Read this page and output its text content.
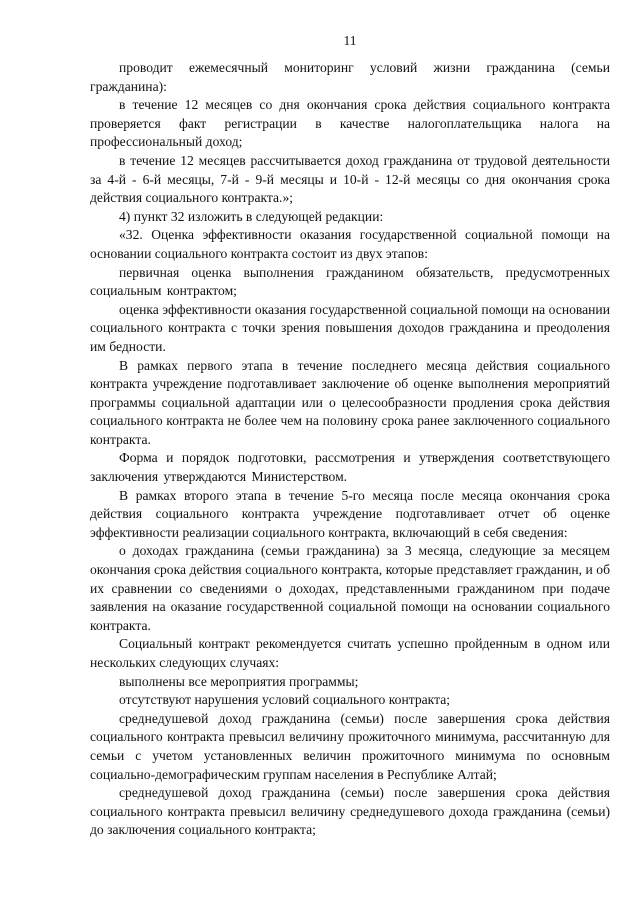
11

проводит ежемесячный мониторинг условий жизни гражданина (семьи гражданина):

в течение 12 месяцев со дня окончания срока действия социального контракта проверяется факт регистрации в качестве налогоплательщика налога на профессиональный доход;

в течение 12 месяцев рассчитывается доход гражданина от трудовой деятельности за 4-й - 6-й месяцы, 7-й - 9-й месяцы и 10-й - 12-й месяцы со дня окончания срока действия социального контракта.»;

4) пункт 32 изложить в следующей редакции:

«32. Оценка эффективности оказания государственной социальной помощи на основании социального контракта состоит из двух этапов:

первичная оценка выполнения гражданином обязательств, предусмотренных социальным контрактом;

оценка эффективности оказания государственной социальной помощи на основании социального контракта с точки зрения повышения доходов гражданина и преодоления им бедности.

В рамках первого этапа в течение последнего месяца действия социального контракта учреждение подготавливает заключение об оценке выполнения мероприятий программы социальной адаптации или о целесообразности продления срока действия социального контракта не более чем на половину срока ранее заключенного социального контракта.

Форма и порядок подготовки, рассмотрения и утверждения соответствующего заключения утверждаются Министерством.

В рамках второго этапа в течение 5-го месяца после месяца окончания срока действия социального контракта учреждение подготавливает отчет об оценке эффективности реализации социального контракта, включающий в себя сведения:

о доходах гражданина (семьи гражданина) за 3 месяца, следующие за месяцем окончания срока действия социального контракта, которые представляет гражданин, и об их сравнении со сведениями о доходах, представленными гражданином при подаче заявления на оказание государственной социальной помощи на основании социального контракта.

Социальный контракт рекомендуется считать успешно пройденным в одном или нескольких следующих случаях:

выполнены все мероприятия программы;

отсутствуют нарушения условий социального контракта;

среднедушевой доход гражданина (семьи) после завершения срока действия социального контракта превысил величину прожиточного минимума, рассчитанную для семьи с учетом установленных величин прожиточного минимума по основным социально-демографическим группам населения в Республике Алтай;

среднедушевой доход гражданина (семьи) после завершения срока действия социального контракта превысил величину среднедушевого дохода гражданина (семьи) до заключения социального контракта;
